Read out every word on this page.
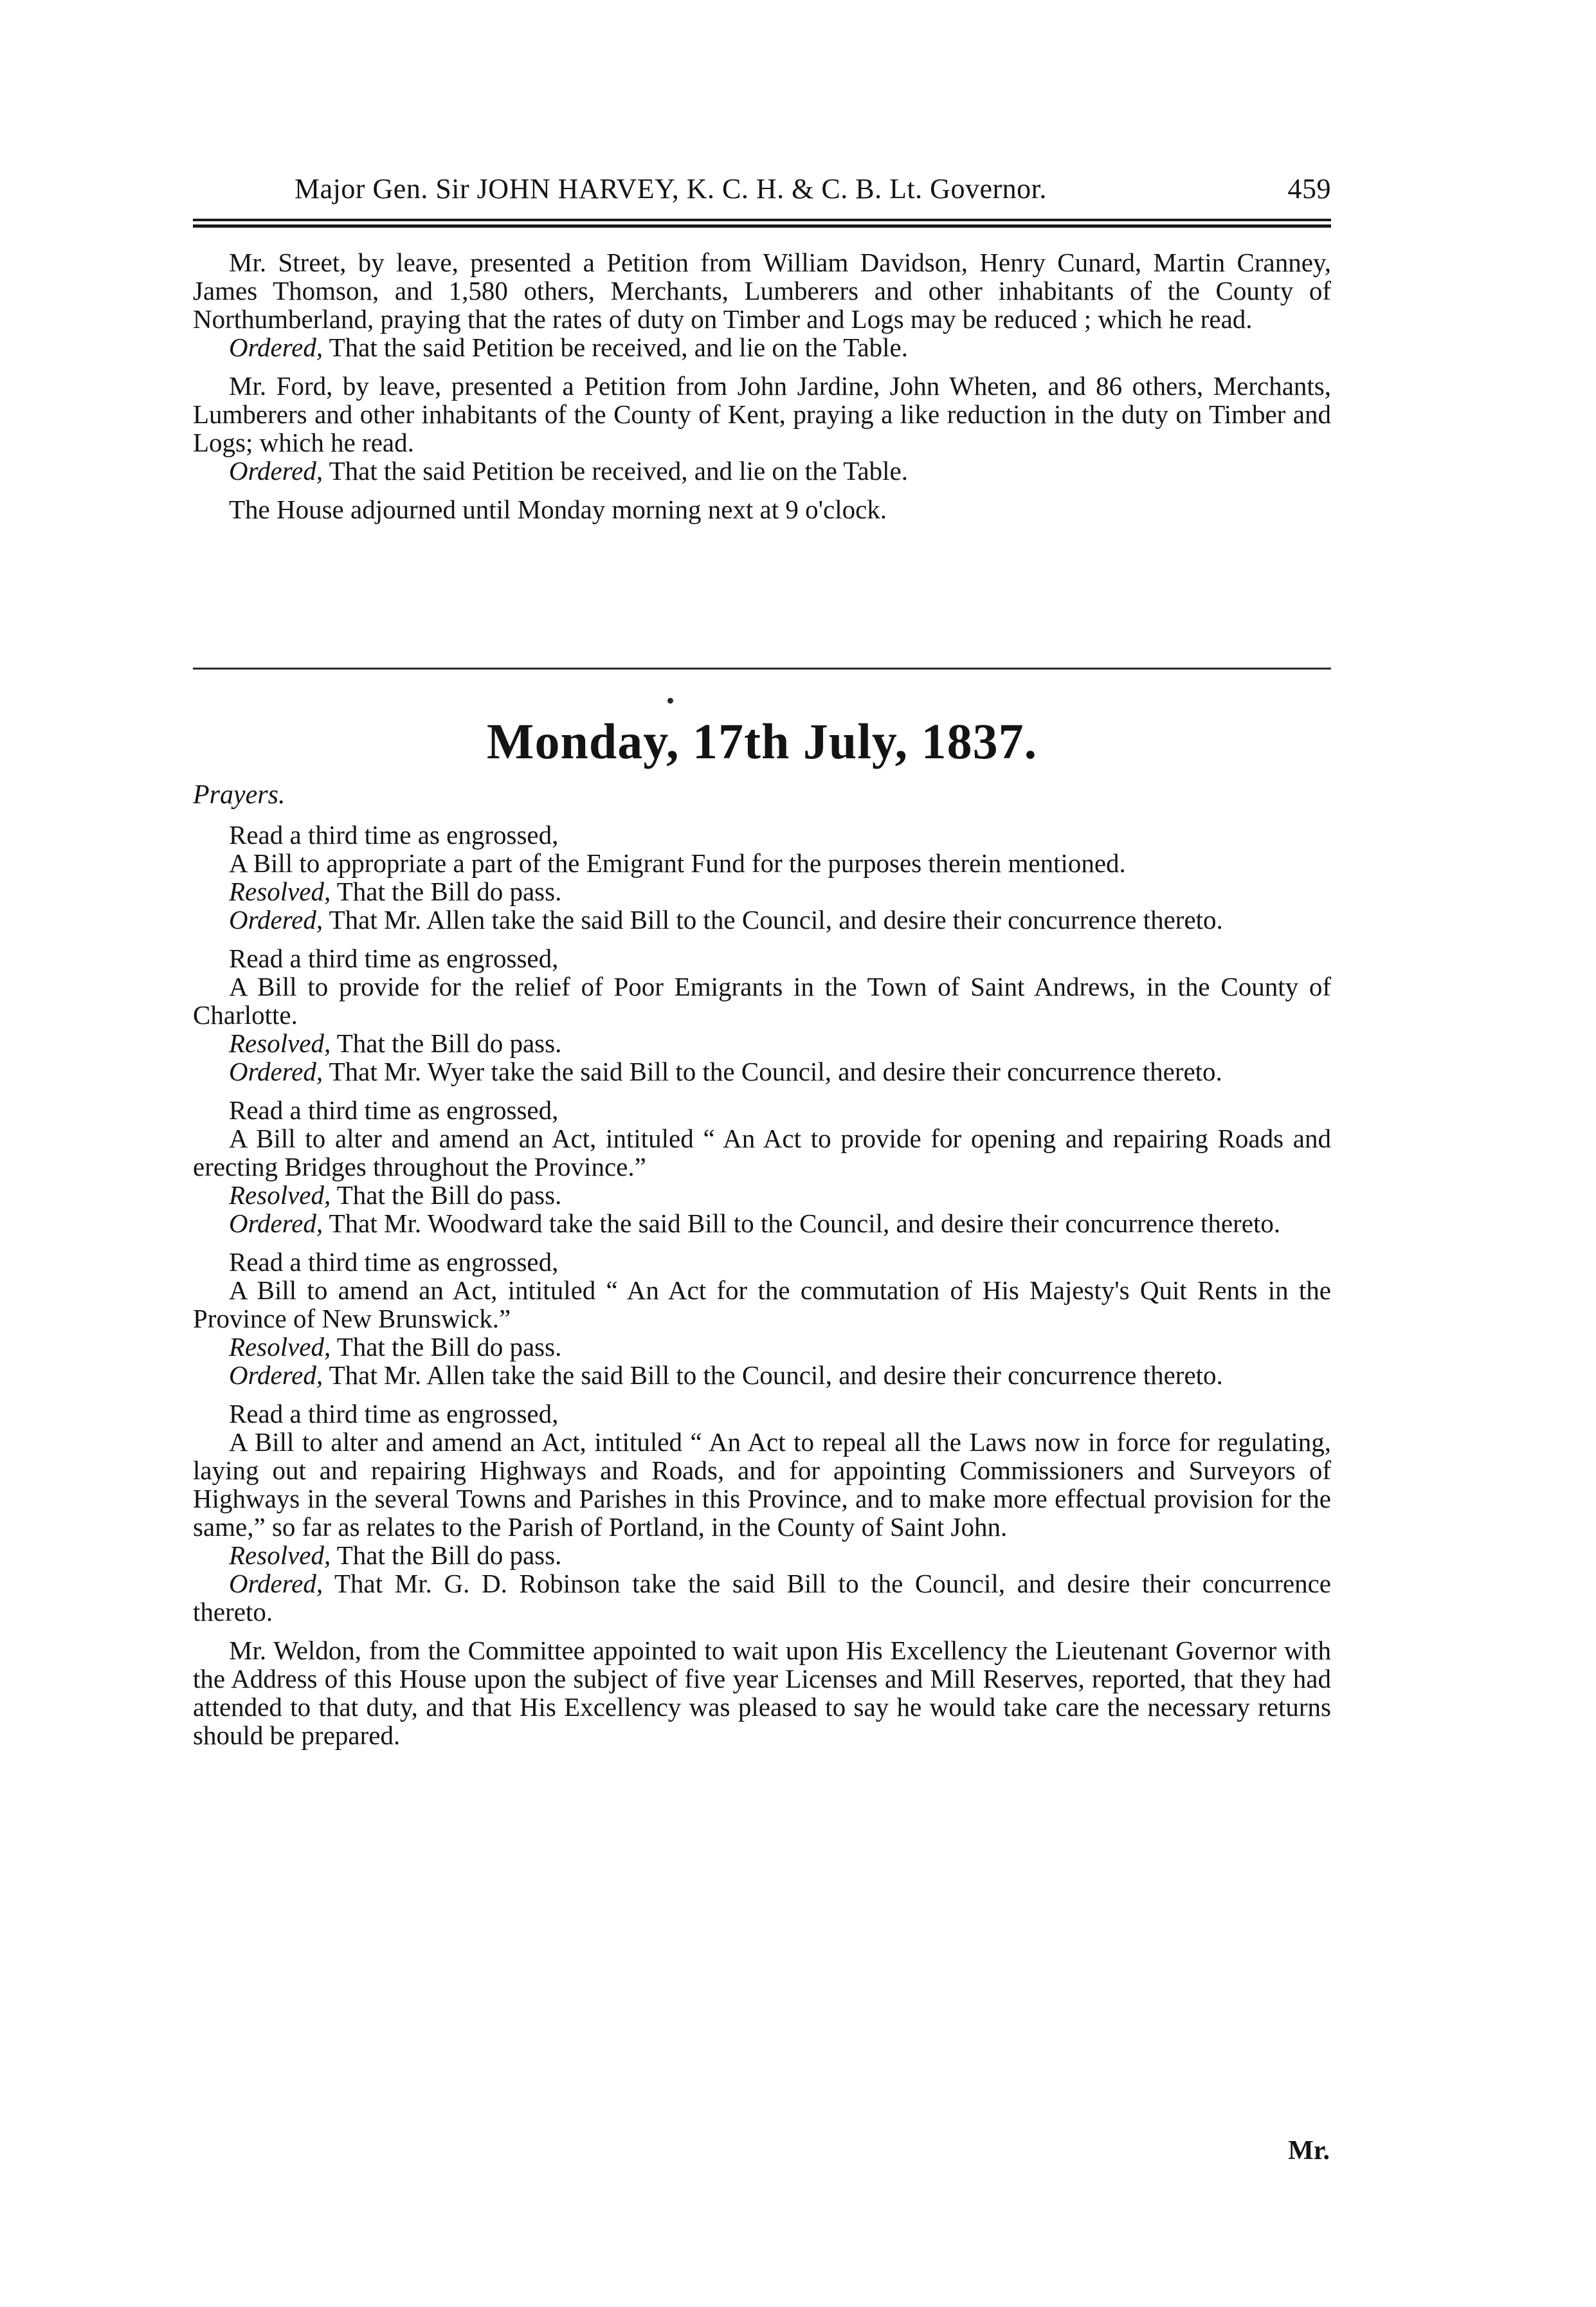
Major Gen. Sir JOHN HARVEY, K. C. H. & C. B. Lt. Governor.	459

Mr. Street, by leave, presented a Petition from William Davidson, Henry Cunard, Martin Cranney, James Thomson, and 1,580 others, Merchants, Lumberers and other inhabitants of the County of Northumberland, praying that the rates of duty on Timber and Logs may be reduced ; which he read.

Ordered, That the said Petition be received, and lie on the Table.

Mr. Ford, by leave, presented a Petition from John Jardine, John Wheten, and 86 others, Merchants, Lumberers and other inhabitants of the County of Kent, praying a like reduction in the duty on Timber and Logs; which he read.

Ordered, That the said Petition be received, and lie on the Table.

The House adjourned until Monday morning next at 9 o'clock.

Monday, 17th July, 1837.
Prayers.

Read a third time as engrossed,

A Bill to appropriate a part of the Emigrant Fund for the purposes therein mentioned.

Resolved, That the Bill do pass.

Ordered, That Mr. Allen take the said Bill to the Council, and desire their concurrence thereto.

Read a third time as engrossed,

A Bill to provide for the relief of Poor Emigrants in the Town of Saint Andrews, in the County of Charlotte.

Resolved, That the Bill do pass.

Ordered, That Mr. Wyer take the said Bill to the Council, and desire their concurrence thereto.

Read a third time as engrossed,

A Bill to alter and amend an Act, intituled “ An Act to provide for opening and repairing Roads and erecting Bridges throughout the Province.”

Resolved, That the Bill do pass.

Ordered, That Mr. Woodward take the said Bill to the Council, and desire their concurrence thereto.

Read a third time as engrossed,

A Bill to amend an Act, intituled “ An Act for the commutation of His Majesty's Quit Rents in the Province of New Brunswick.”

Resolved, That the Bill do pass.

Ordered, That Mr. Allen take the said Bill to the Council, and desire their concurrence thereto.

Read a third time as engrossed,

A Bill to alter and amend an Act, intituled “ An Act to repeal all the Laws now in force for regulating, laying out and repairing Highways and Roads, and for appointing Commissioners and Surveyors of Highways in the several Towns and Parishes in this Province, and to make more effectual provision for the same,” so far as relates to the Parish of Portland, in the County of Saint John.

Resolved, That the Bill do pass.

Ordered, That Mr. G. D. Robinson take the said Bill to the Council, and desire their concurrence thereto.

Mr. Weldon, from the Committee appointed to wait upon His Excellency the Lieutenant Governor with the Address of this House upon the subject of five year Licenses and Mill Reserves, reported, that they had attended to that duty, and that His Excellency was pleased to say he would take care the necessary returns should be prepared.

Mr.
